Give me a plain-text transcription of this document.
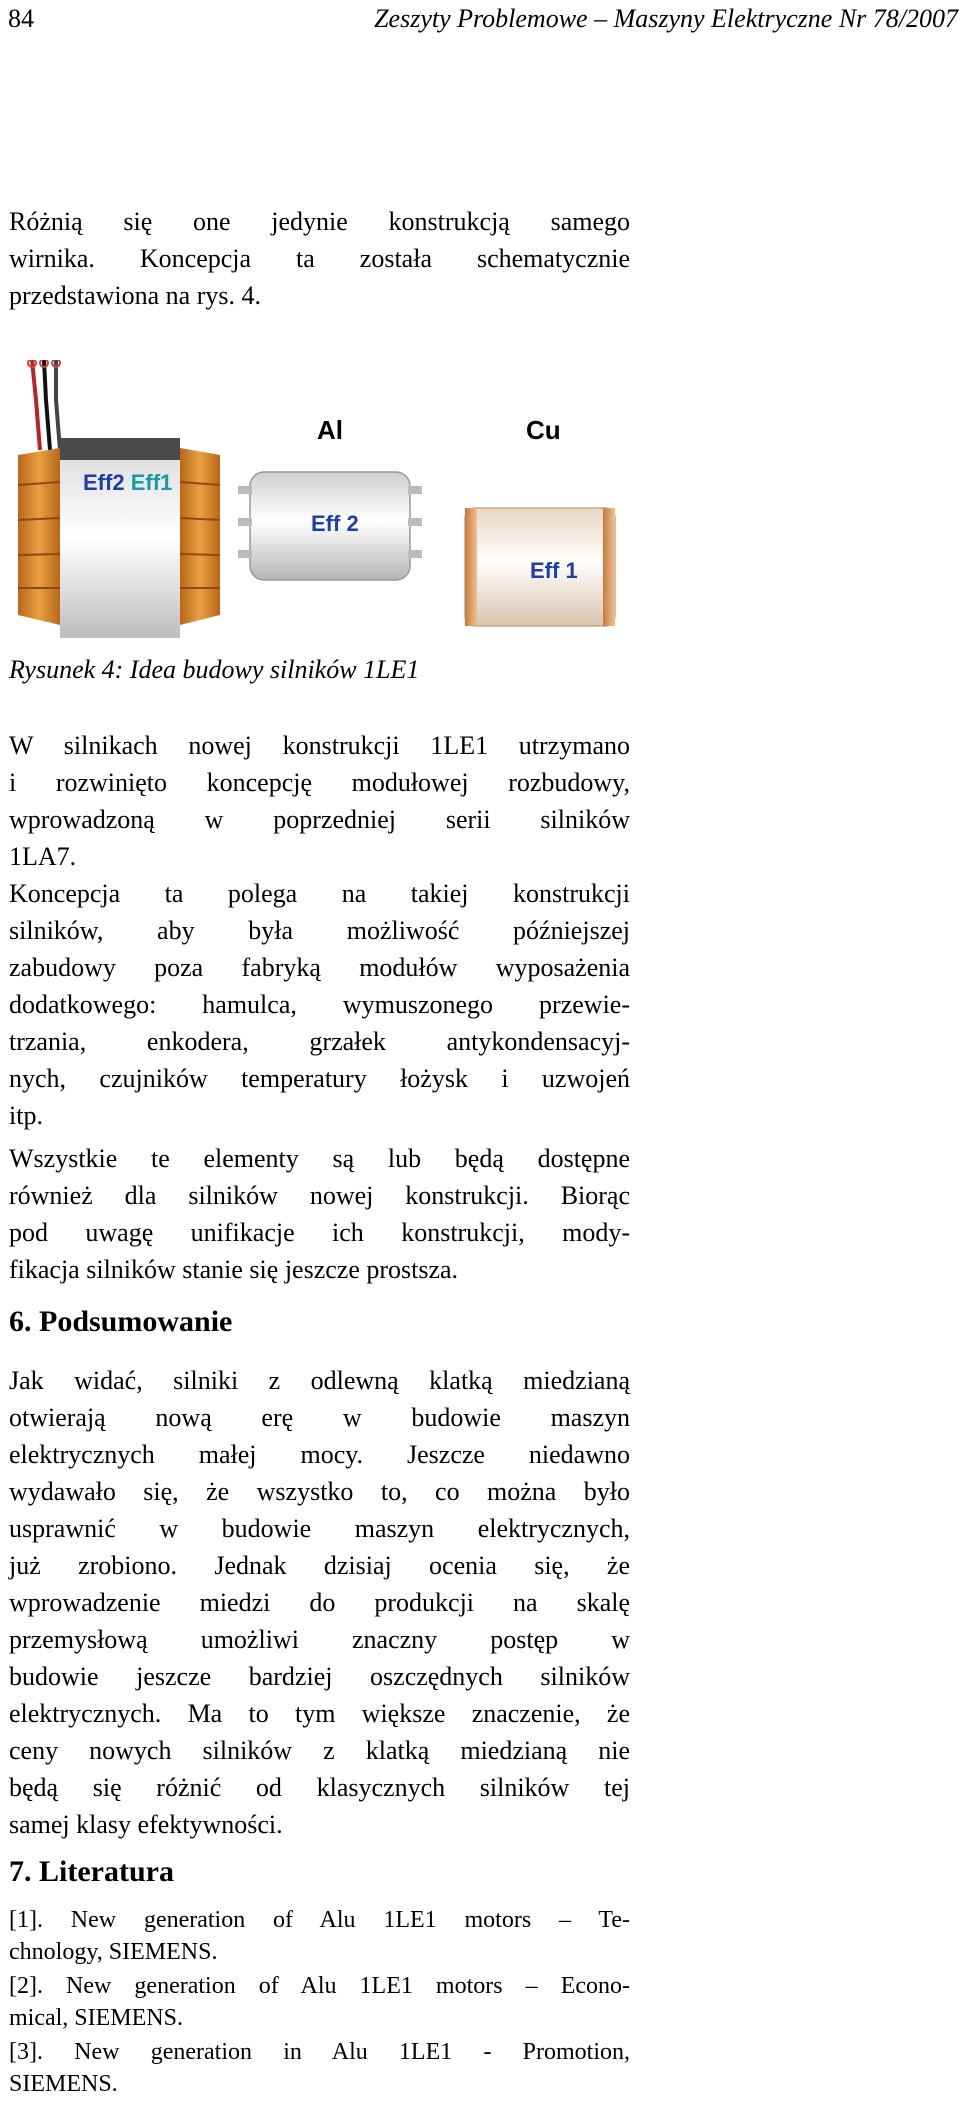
84	Zeszyty Problemowe – Maszyny Elektryczne Nr 78/2007
Różnią się one jedynie konstrukcją samego
wirnika. Koncepcja ta została schematycznie
przedstawiona na rys. 4.
Al	Cu
Eff2 Eff1
Eff 2
Eff 1

Rysunek 4: Idea budowy silników 1LE1

W silnikach nowej konstrukcji 1LE1 utrzymano
i rozwinięto koncepcję modułowej rozbudowy,
wprowadzoną w poprzedniej serii silników
1LA7.
Koncepcja ta polega na takiej konstrukcji
silników, aby była możliwość późniejszej
zabudowy poza fabryką modułów wyposażenia
dodatkowego: hamulca, wymuszonego przewie-
trzania, enkodera, grzałek antykondensacyj-
nych, czujników temperatury łożysk i uzwojeń
itp.
Wszystkie te elementy są lub będą dostępne
również dla silników nowej konstrukcji. Biorąc
pod uwagę unifikacje ich konstrukcji, mody-
fikacja silników stanie się jeszcze prostsza.
6. Podsumowanie
Jak widać, silniki z odlewną klatką miedzianą
otwierają nową erę w budowie maszyn
elektrycznych małej mocy. Jeszcze niedawno
wydawało się, że wszystko to, co można było
usprawnić w budowie maszyn elektrycznych,
już zrobiono. Jednak dzisiaj ocenia się, że
wprowadzenie miedzi do produkcji na skalę
przemysłową umożliwi znaczny postęp w
budowie jeszcze bardziej oszczędnych silników
elektrycznych. Ma to tym większe znaczenie, że
ceny nowych silników z klatką miedzianą nie
będą się różnić od klasycznych silników tej
samej klasy efektywności.
7. Literatura
[1]. New generation of Alu 1LE1 motors – Te-
chnology, SIEMENS.
[2]. New generation of Alu 1LE1 motors – Econo-
mical, SIEMENS.
[3]. New generation in Alu 1LE1 - Promotion,
SIEMENS.
